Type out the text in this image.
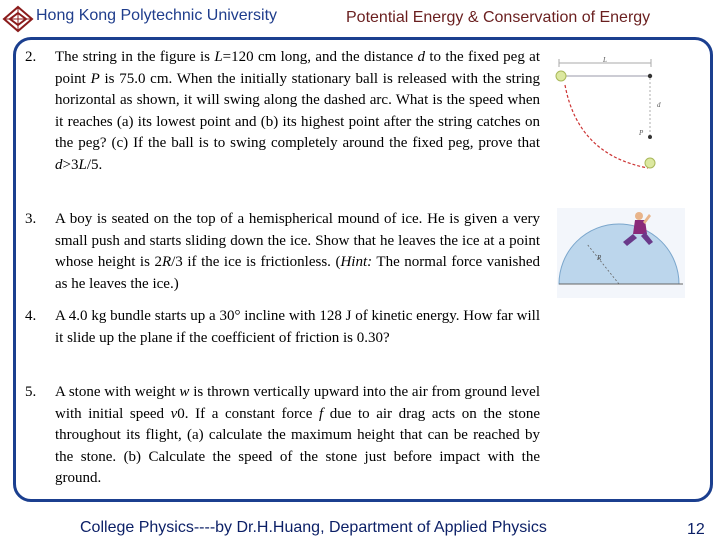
Hong Kong Polytechnic University	Potential Energy & Conservation of Energy
2. The string in the figure is L=120 cm long, and the distance d to the fixed peg at point P is 75.0 cm. When the initially stationary ball is released with the string horizontal as shown, it will swing along the dashed arc. What is the speed when it reaches (a) its lowest point and (b) its highest point after the string catches on the peg? (c) If the ball is to swing completely around the fixed peg, prove that d>3L/5.
L
d
P
3. A boy is seated on the top of a hemispherical mound of ice. He is given a very small push and starts sliding down the ice. Show that he leaves the ice at a point whose height is 2R/3 if the ice is frictionless. (Hint: The normal force vanished as he leaves the ice.)
R
4. A 4.0 kg bundle starts up a 30° incline with 128 J of kinetic energy. How far will it slide up the plane if the coefficient of friction is 0.30?
5. A stone with weight w is thrown vertically upward into the air from ground level with initial speed v0. If a constant force f due to air drag acts on the stone throughout its flight, (a) calculate the maximum height that can be reached by the stone. (b) Calculate the speed of the stone just before impact with the ground.
College Physics----by Dr.H.Huang, Department of Applied Physics	12
